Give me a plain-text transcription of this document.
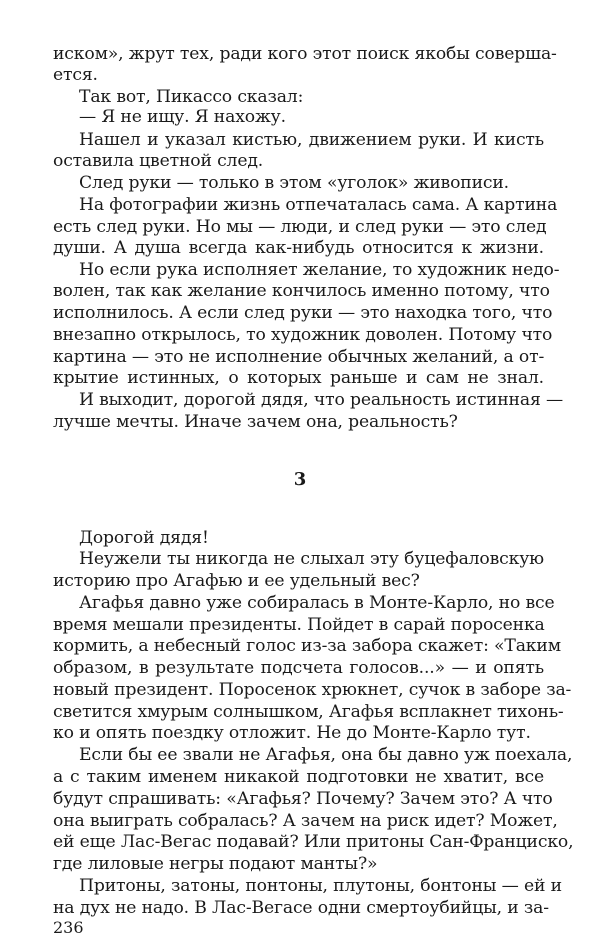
иском», жрут тех, ради кого этот поиск якобы соверша-
ется.
Так вот, Пикассо сказал:
— Я не ищу. Я нахожу.
Нашел и указал кистью, движением руки. И кисть
оставила цветной след.
След руки — только в этом «уголок» живописи.
На фотографии жизнь отпечаталась сама. А картина
есть след руки. Но мы — люди, и след руки — это след
души. А душа всегда как-нибудь относится к жизни.
Но если рука исполняет желание, то художник недо-
волен, так как желание кончилось именно потому, что
исполнилось. А если след руки — это находка того, что
внезапно открылось, то художник доволен. Потому что
картина — это не исполнение обычных желаний, а от-
крытие истинных, о которых раньше и сам не знал.
И выходит, дорогой дядя, что реальность истинная —
лучше мечты. Иначе зачем она, реальность?
3
Дорогой дядя!
Неужели ты никогда не слыхал эту буцефаловскую
историю про Агафью и ее удельный вес?
Агафья давно уже собиралась в Монте-Карло, но все
время мешали президенты. Пойдет в сарай поросенка
кормить, а небесный голос из-за забора скажет: «Таким
образом, в результате подсчета голосов...» — и опять
новый президент. Поросенок хрюкнет, сучок в заборе за-
светится хмурым солнышком, Агафья всплакнет тихонь-
ко и опять поездку отложит. Не до Монте-Карло тут.
Если бы ее звали не Агафья, она бы давно уж поехала,
а с таким именем никакой подготовки не хватит, все
будут спрашивать: «Агафья? Почему? Зачем это? А что
она выиграть собралась? А зачем на риск идет? Может,
ей еще Лас-Вегас подавай? Или притоны Сан-Франциско,
где лиловые негры подают манты?»
Притоны, затоны, понтоны, плутоны, бонтоны — ей и
на дух не надо. В Лас-Вегасе одни смертоубийцы, и за-
236
